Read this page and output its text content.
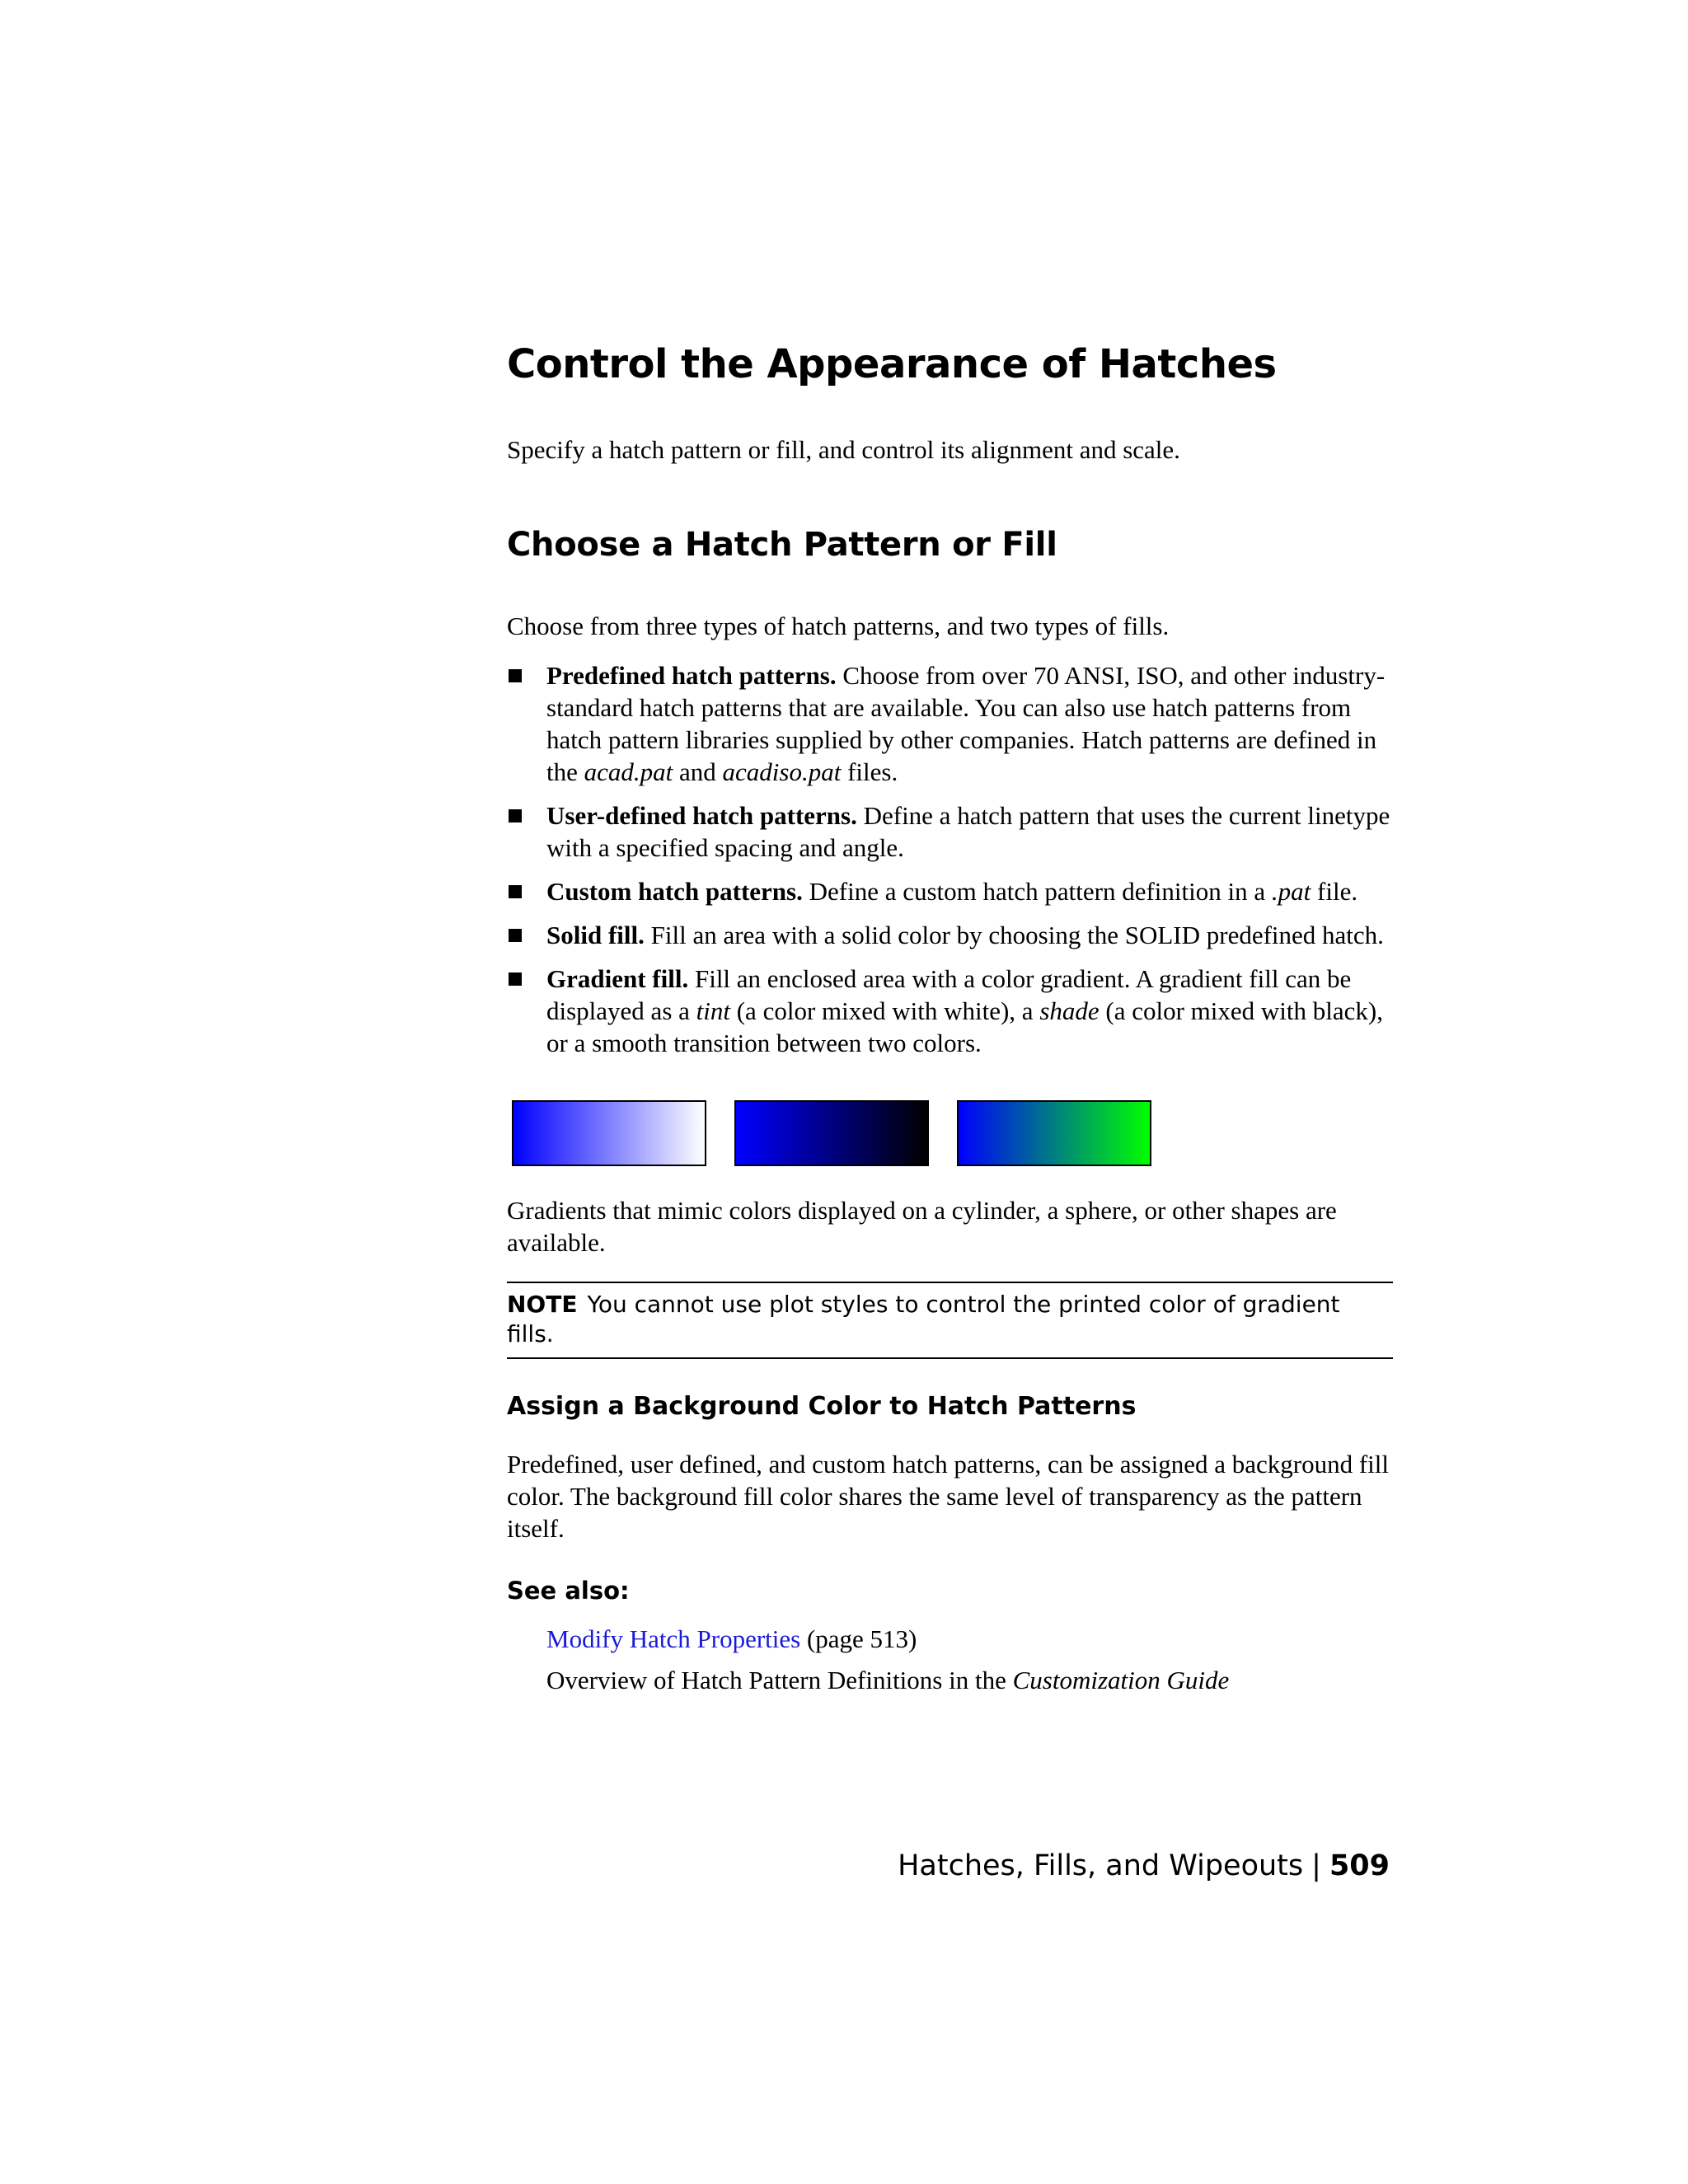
Control the Appearance of Hatches

Specify a hatch pattern or fill, and control its alignment and scale.

Choose a Hatch Pattern or Fill

Choose from three types of hatch patterns, and two types of fills.

Predefined hatch patterns. Choose from over 70 ANSI, ISO, and other industry-standard hatch patterns that are available. You can also use hatch patterns from hatch pattern libraries supplied by other companies. Hatch patterns are defined in the acad.pat and acadiso.pat files.
User-defined hatch patterns. Define a hatch pattern that uses the current linetype with a specified spacing and angle.
Custom hatch patterns. Define a custom hatch pattern definition in a .pat file.
Solid fill. Fill an area with a solid color by choosing the SOLID predefined hatch.
Gradient fill. Fill an enclosed area with a color gradient. A gradient fill can be displayed as a tint (a color mixed with white), a shade (a color mixed with black), or a smooth transition between two colors.

Gradients that mimic colors displayed on a cylinder, a sphere, or other shapes are available.

NOTE You cannot use plot styles to control the printed color of gradient fills.
Assign a Background Color to Hatch Patterns

Predefined, user defined, and custom hatch patterns, can be assigned a background fill color. The background fill color shares the same level of transparency as the pattern itself.

See also:

Modify Hatch Properties (page 513)
Overview of Hatch Pattern Definitions in the Customization Guide
Hatches, Fills, and Wipeouts | 509
